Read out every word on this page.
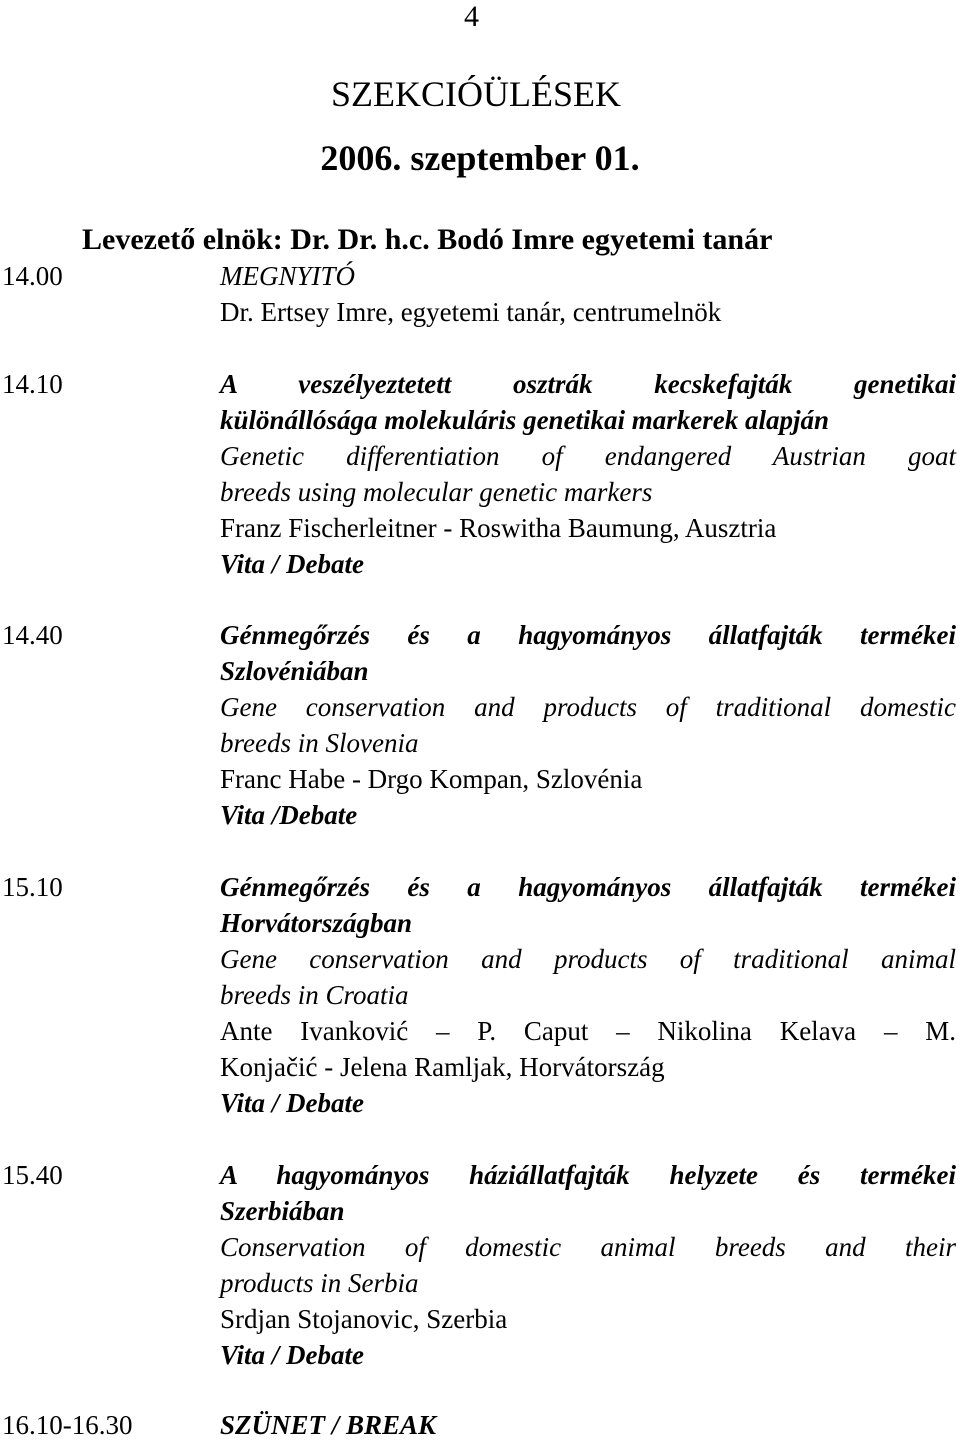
4
SZEKCIÓÜLÉSEK
2006. szeptember 01.
Levezető elnök: Dr. Dr. h.c. Bodó Imre egyetemi tanár
14.00	MEGNYITÓ
Dr. Ertsey Imre, egyetemi tanár, centrumelnök
14.10	A veszélyeztetett osztrák kecskefajták genetikai
különállósága molekuláris genetikai markerek alapján
Genetic differentiation of endangered Austrian goat
breeds using molecular genetic markers
Franz Fischerleitner - Roswitha Baumung, Ausztria
Vita / Debate
14.40	Génmegőrzés és a hagyományos állatfajták termékei
Szlovéniában
Gene conservation and products of traditional domestic
breeds in Slovenia
Franc Habe - Drgo Kompan, Szlovénia
Vita /Debate
15.10	Génmegőrzés és a hagyományos állatfajták termékei
Horvátországban
Gene conservation and products of traditional animal
breeds in Croatia
Ante Ivanković – P. Caput – Nikolina Kelava – M.
Konjačić - Jelena Ramljak, Horvátország
Vita / Debate
15.40	A hagyományos háziállatfajták helyzete és termékei
Szerbiában
Conservation of domestic animal breeds and their
products in Serbia
Srdjan Stojanovic, Szerbia
Vita / Debate
16.10-16.30	SZÜNET / BREAK
